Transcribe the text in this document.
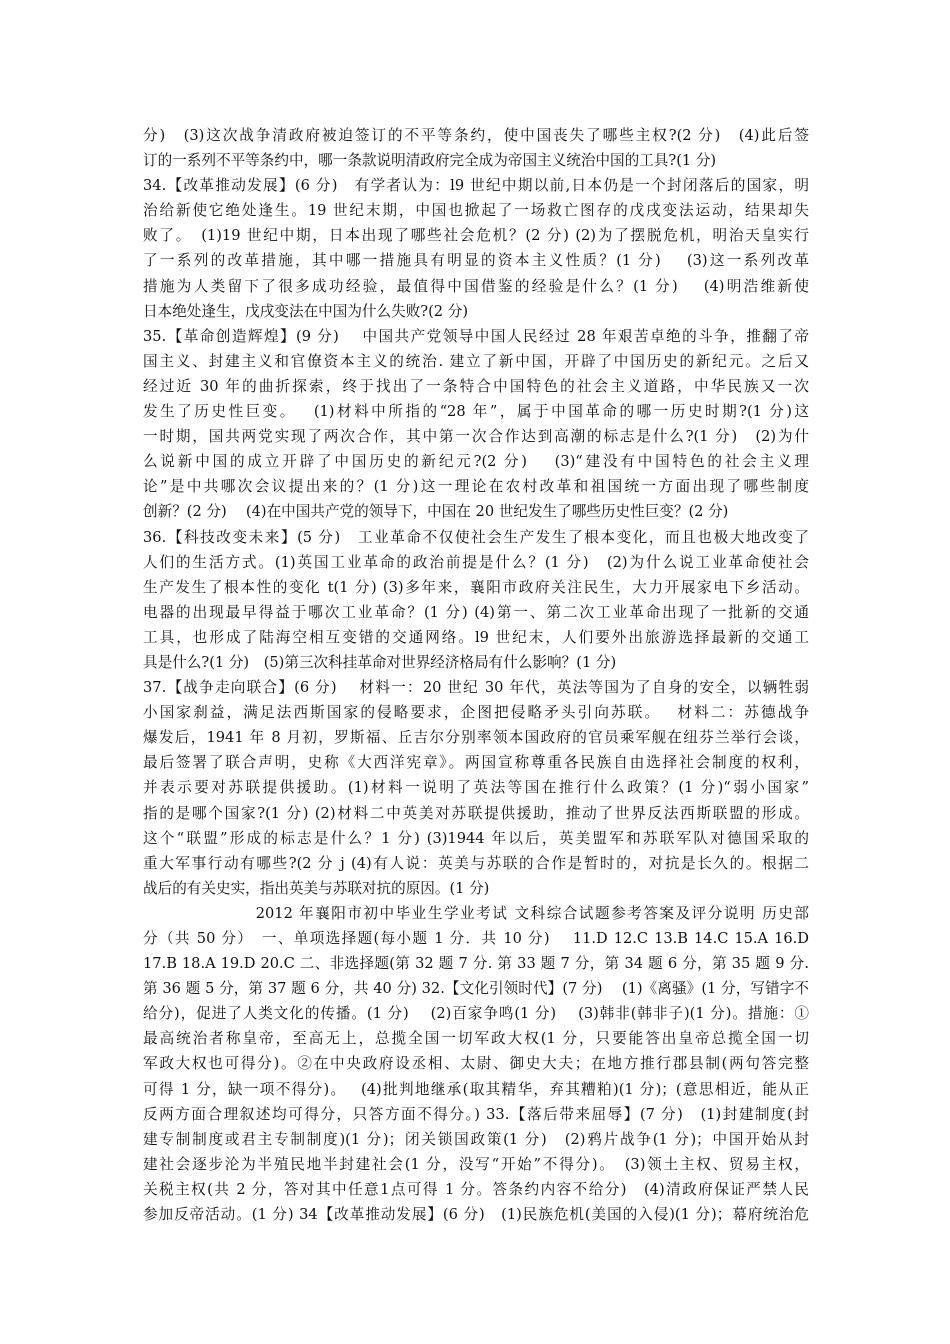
分)　(3)这次战争清政府被迫签订的不平等条约，使中国丧失了哪些主权?(2 分)　(4)此后签
订的一系列不平等条约中，哪一条款说明清政府完全成为帝国主义统治中国的工具?(1 分)
34.【改革推动发展】(6 分)　有学者认为：l9 世纪中期以前,日本仍是一个封闭落后的国家，明
治给新使它绝处逢生。19 世纪末期，中国也掀起了一场救亡图存的戊戌变法运动，结果却失
败了。　(1)19 世纪中期，日本出现了哪些社会危机？(2 分) (2)为了摆脱危机，明治天皇实行
了一系列的改革措施，其中哪一措施具有明显的资本主义性质？(1 分)　 (3)这一系列改革
措施为人类留下了很多成功经验，最值得中国借鉴的经验是什么？(1 分)　 (4)明浩维新使
日本绝处逢生，戊戌变法在中国为什么失败?(2 分)
35.【革命创造辉煌】(9 分)　 中国共产党领导中国人民经过 28 年艰苦卓绝的斗争，推翻了帝
国主义、封建主义和官僚资本主义的统治. 建立了新中国，开辟了中国历史的新纪元。之后又
经过近 30 年的曲折探索，终于找出了一条特合中国特色的社会主义道路，中华民族又一次
发生了历史性巨变。　 (1)材料中所指的“28 年”，属于中国革命的哪一历史时期?(1 分)这
一时期，国共两党实现了两次合作，其中第一次合作达到高潮的标志是什么?(1 分)　(2)为什
么说新中国的成立开辟了中国历史的新纪元?(2 分)　 (3)“建没有中国特色的社会主义理
论”是中共哪次会议提出来的？(1 分)这一理论在农村改革和祖国统一方面出现了哪些制度
创新？(2 分)　 (4)在中国共产党的领导下，中国在 20 世纪发生了哪些历史性巨变？(2 分)
36.【科技改变未来】(5 分)　工业革命不仅使社会生产发生了根本变化，而且也极大地改变了
人们的生活方式。(1)英国工业革命的政治前提是什么？(1 分)　(2)为什么说工业革命使社会
生产发生了根本性的变化 t(1 分) (3)多年来，襄阳市政府关注民生，大力开展家电下乡活动。
电器的出现最早得益于哪次工业革命？(1 分) (4)第一、第二次工业革命出现了一批新的交通
工具，也形成了陆海空相互变错的交通网络。l9 世纪末，人们要外出旅游选择最新的交通工
具是什么?(1 分)　(5)第三次科挂革命对世界经济格局有什么影响？(1 分)
37.【战争走向联合】(6 分)　 材料一：20 世纪 30 年代，英法等国为了自身的安全，以辆牲弱
小国家刹益，满足法西斯国家的侵略要求，企图把侵略矛头引向苏联。　 材料二：苏德战争
爆发后，1941 年 8 月初，罗斯福、丘吉尔分别率领本国政府的官员乘军舰在纽芬兰举行会谈，
最后签署了联合声明，史称《大西洋宪章》。两国宣称尊重各民族自由选择社会制度的权利，
并表示要对苏联提供援助。(1)材料一说明了英法等国在推行什么政策？(1 分)“弱小国家”
指的是哪个国家?(1 分) (2)材料二中英美对苏联提供援助，推动了世界反法西斯联盟的形成。
这个“联盟”形成的标志是什么？1 分) (3)1944 年以后，英美盟军和苏联军队对德国采取的
重大军事行动有哪些?(2 分 j (4)有人说：英美与苏联的合作是暂时的，对抗是长久的。根据二
战后的有关史实，指出英美与苏联对抗的原因。(1 分)
　　　　　　　2012 年襄阳市初中毕业生学业考试 文科综合试题参考答案及评分说明 历史部
分（共 50 分）　一、单项选择题(每小题 1 分．共 10 分)　 11.D 12.C 13.B 14.C 15.A 16.D
17.B 18.A 19.D 20.C 二、非选择题(第 32 题 7 分. 第 33 题 7 分，第 34 题 6 分，第 35 题 9 分.
第 36 题 5 分，第 37 题 6 分，共 40 分) 32.【文化引领时代】(7 分)　 (1)《离骚》(1 分，写错字不
给分)，促进了人类文化的传播。(1 分)　 (2)百家争鸣(1 分)　 (3)韩非(韩非子)(1 分)。措施：①
最高统治者称皇帝，至高无上，总揽全国一切军政大权(1 分，只要能答出皇帝总揽全国一切
军政大权也可得分)。②在中央政府设丞相、太尉、御史大夫；在地方推行郡县制(两句答完整
可得 1 分，缺一项不得分)。　 (4)批判地继承(取其精华，弃其糟粕)(1 分)；(意思相近，能从正
反两方面合理叙述均可得分，只答方面不得分。) 33.【落后带来屈辱】(7 分)　(1)封建制度(封
建专制制度或君主专制制度)(1 分)；闭关锁国政策(1 分)　(2)鸦片战争(1 分)；中国开始从封
建社会逐步沦为半殖民地半封建社会(1 分，没写“开始”不得分)。　(3)领土主权、贸易主权，
关税主权(共 2 分，答对其中任意1点可得 1 分。答条约内容不给分)　(4)清政府保证严禁人民
参加反帝活动。(1 分) 34【改革推动发展】(6 分)　(1)民族危机(美国的入侵)(1 分)；幕府统治危
